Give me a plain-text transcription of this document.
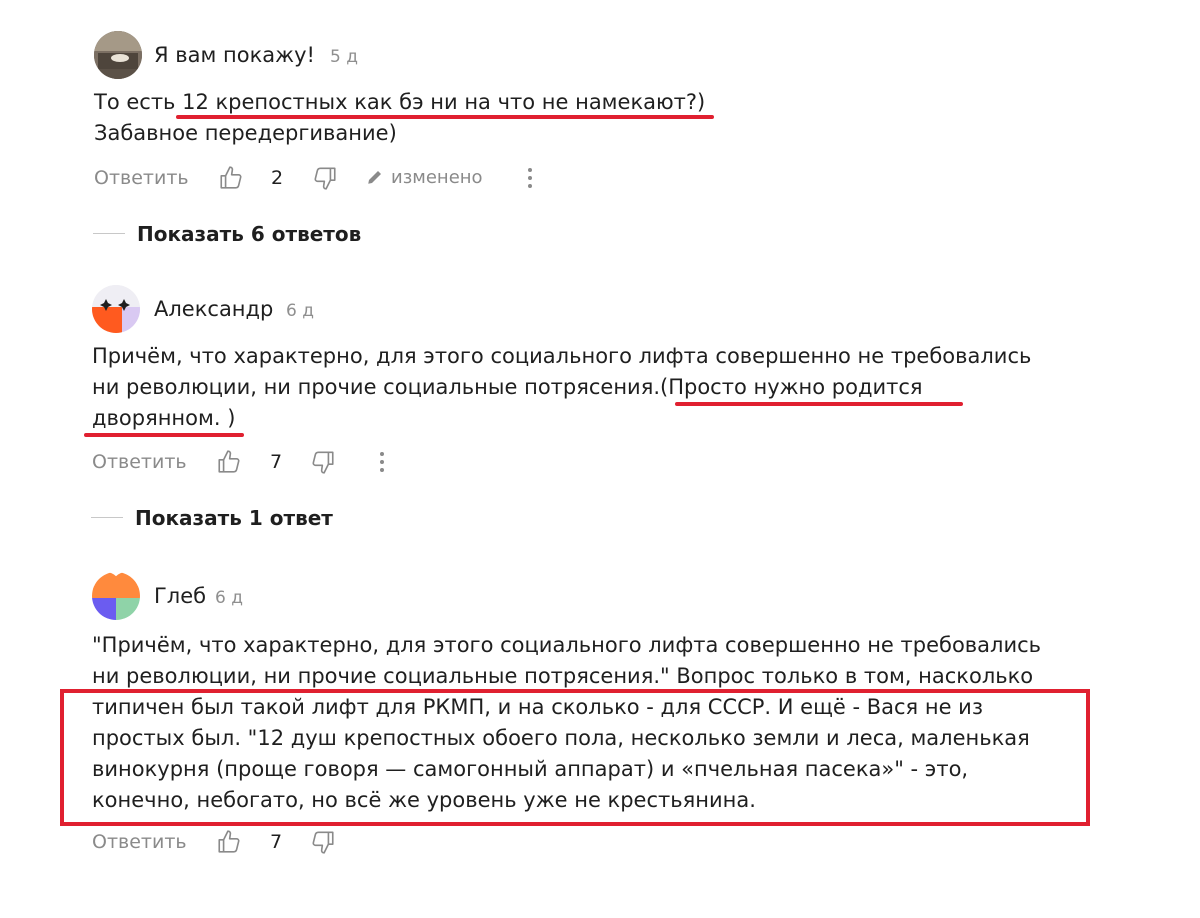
Я вам покажу! 5 д
То есть 12 крепостных как бэ ни на что не намекают?)
Забавное передергивание)
Ответить	2	изменено
Показать 6 ответов
Александр 6 д
Причём, что характерно, для этого социального лифта совершенно не требовались
ни революции, ни прочие социальные потрясения.(Просто нужно родится
дворянном. )
Ответить	7
Показать 1 ответ
Глеб 6 д
"Причём, что характерно, для этого социального лифта совершенно не требовались
ни революции, ни прочие социальные потрясения." Вопрос только в том, насколько
типичен был такой лифт для РКМП, и на сколько - для СССР. И ещё - Вася не из
простых был. "12 душ крепостных обоего пола, несколько земли и леса, маленькая
винокурня (проще говоря — самогонный аппарат) и «пчельная пасека»" - это,
конечно, небогато, но всё же уровень уже не крестьянина.
Ответить	7
